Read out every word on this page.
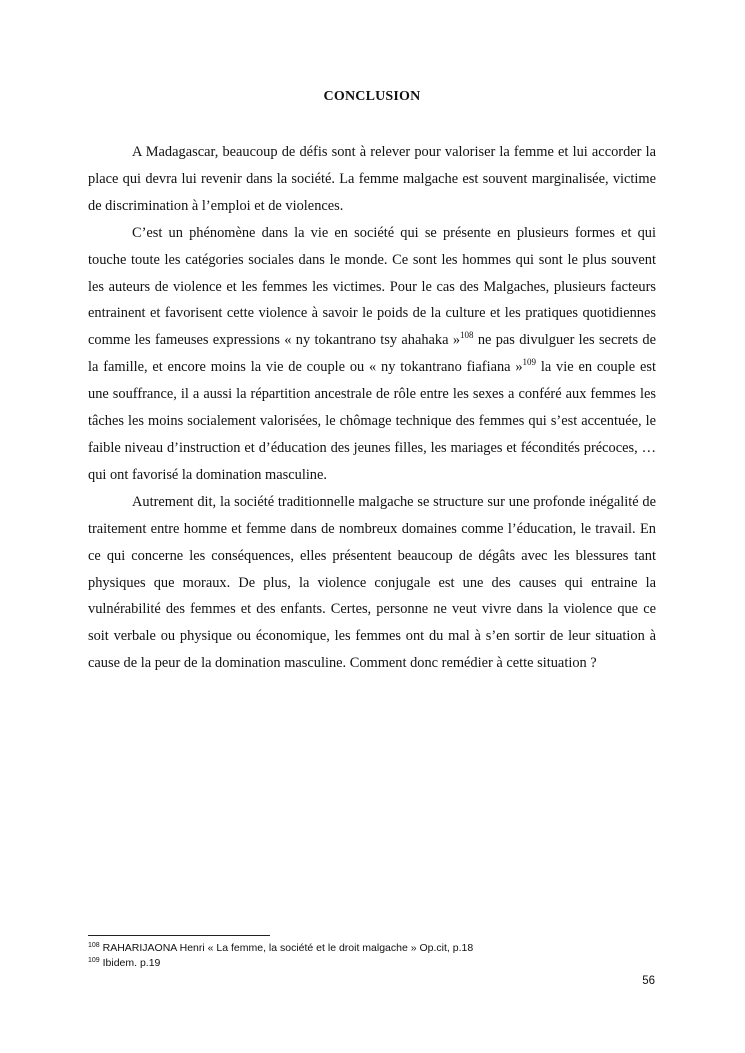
CONCLUSION

A Madagascar, beaucoup de défis sont à relever pour valoriser la femme et lui accorder la place qui devra lui revenir dans la société. La femme malgache est souvent marginalisée, victime de discrimination à l’emploi et de violences.

C’est un phénomène dans la vie en société qui se présente en plusieurs formes et qui touche toute les catégories sociales dans le monde. Ce sont les hommes qui sont le plus souvent les auteurs de violence et les femmes les victimes. Pour le cas des Malgaches, plusieurs facteurs entrainent et favorisent cette violence à savoir le poids de la culture et les pratiques quotidiennes comme les fameuses expressions « ny tokantrano tsy ahahaka »$^{108}$ ne pas divulguer les secrets de la famille, et encore moins la vie de couple ou « ny tokantrano fiafiana »$^{109}$ la vie en couple est une souffrance, il a aussi la répartition ancestrale de rôle entre les sexes a conféré aux femmes les tâches les moins socialement valorisées, le chômage technique des femmes qui s’est accentuée, le faible niveau d’instruction et d’éducation des jeunes filles, les mariages et fécondités précoces, … qui ont favorisé la domination masculine.

Autrement dit, la société traditionnelle malgache se structure sur une profonde inégalité de traitement entre homme et femme dans de nombreux domaines comme l’éducation, le travail. En ce qui concerne les conséquences, elles présentent beaucoup de dégâts avec les blessures tant physiques que moraux. De plus, la violence conjugale est une des causes qui entraine la vulnérabilité des femmes et des enfants. Certes, personne ne veut vivre dans la violence que ce soit verbale ou physique ou économique, les femmes ont du mal à s’en sortir de leur situation à cause de la peur de la domination masculine. Comment donc remédier à cette situation ?

$^{108}$ RAHARIJAONA Henri « La femme, la société et le droit malgache » Op.cit, p.18
$^{109}$ Ibidem. p.19
56
